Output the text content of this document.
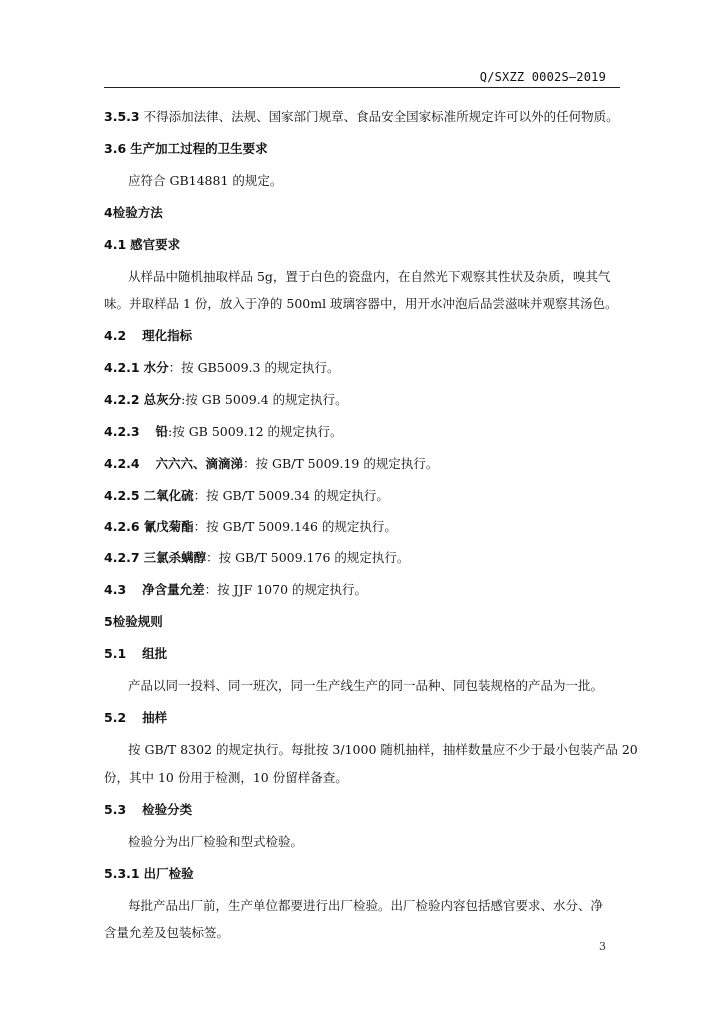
Q/SXZZ 0002S—2019
3.5.3 不得添加法律、法规、国家部门规章、食品安全国家标准所规定许可以外的任何物质。
3.6 生产加工过程的卫生要求
应符合 GB14881 的规定。
4检验方法
4.1 感官要求
从样品中随机抽取样品 5g，置于白色的瓷盘内，在自然光下观察其性状及杂质，嗅其气
味。并取样品 1 份，放入于净的 500ml 玻璃容器中，用开水冲泡后品尝滋味并观察其汤色。
4.2 理化指标
4.2.1 水分：按 GB5009.3 的规定执行。
4.2.2 总灰分:按 GB 5009.4 的规定执行。
4.2.3 铅:按 GB 5009.12 的规定执行。
4.2.4 六六六、滴滴涕：按 GB/T 5009.19 的规定执行。
4.2.5 二氧化硫：按 GB/T 5009.34 的规定执行。
4.2.6 氰戊菊酯：按 GB/T 5009.146 的规定执行。
4.2.7 三氯杀螨醇：按 GB/T 5009.176 的规定执行。
4.3 净含量允差：按 JJF 1070 的规定执行。
5检验规则
5.1 组批
产品以同一投料、同一班次，同一生产线生产的同一品种、同包装规格的产品为一批。
5.2 抽样
按 GB/T 8302 的规定执行。每批按 3/1000 随机抽样，抽样数量应不少于最小包装产品 20
份，其中 10 份用于检测，10 份留样备查。
5.3 检验分类
检验分为出厂检验和型式检验。
5.3.1 出厂检验
每批产品出厂前，生产单位都要进行出厂检验。出厂检验内容包括感官要求、水分、净
含量允差及包装标签。
3
